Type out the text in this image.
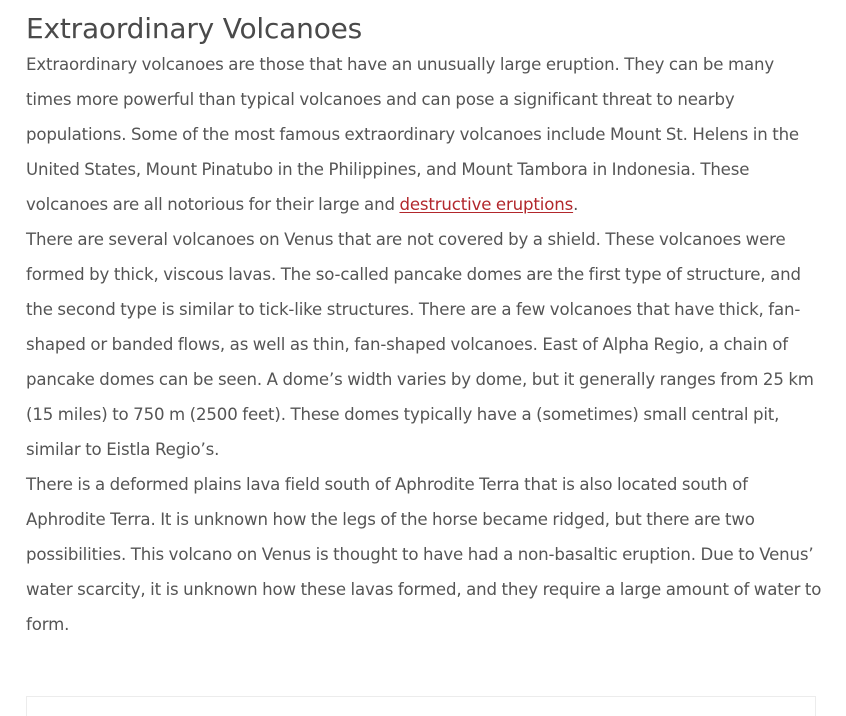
Extraordinary Volcanoes

Extraordinary volcanoes are those that have an unusually large eruption. They can be many times more powerful than typical volcanoes and can pose a significant threat to nearby populations. Some of the most famous extraordinary volcanoes include Mount St. Helens in the United States, Mount Pinatubo in the Philippines, and Mount Tambora in Indonesia. These volcanoes are all notorious for their large and destructive eruptions.

There are several volcanoes on Venus that are not covered by a shield. These volcanoes were formed by thick, viscous lavas. The so-called pancake domes are the first type of structure, and the second type is similar to tick-like structures. There are a few volcanoes that have thick, fan-shaped or banded flows, as well as thin, fan-shaped volcanoes. East of Alpha Regio, a chain of pancake domes can be seen. A dome’s width varies by dome, but it generally ranges from 25 km (15 miles) to 750 m (2500 feet). These domes typically have a (sometimes) small central pit, similar to Eistla Regio’s.

There is a deformed plains lava field south of Aphrodite Terra that is also located south of Aphrodite Terra. It is unknown how the legs of the horse became ridged, but there are two possibilities. This volcano on Venus is thought to have had a non-basaltic eruption. Due to Venus’ water scarcity, it is unknown how these lavas formed, and they require a large amount of water to form.
